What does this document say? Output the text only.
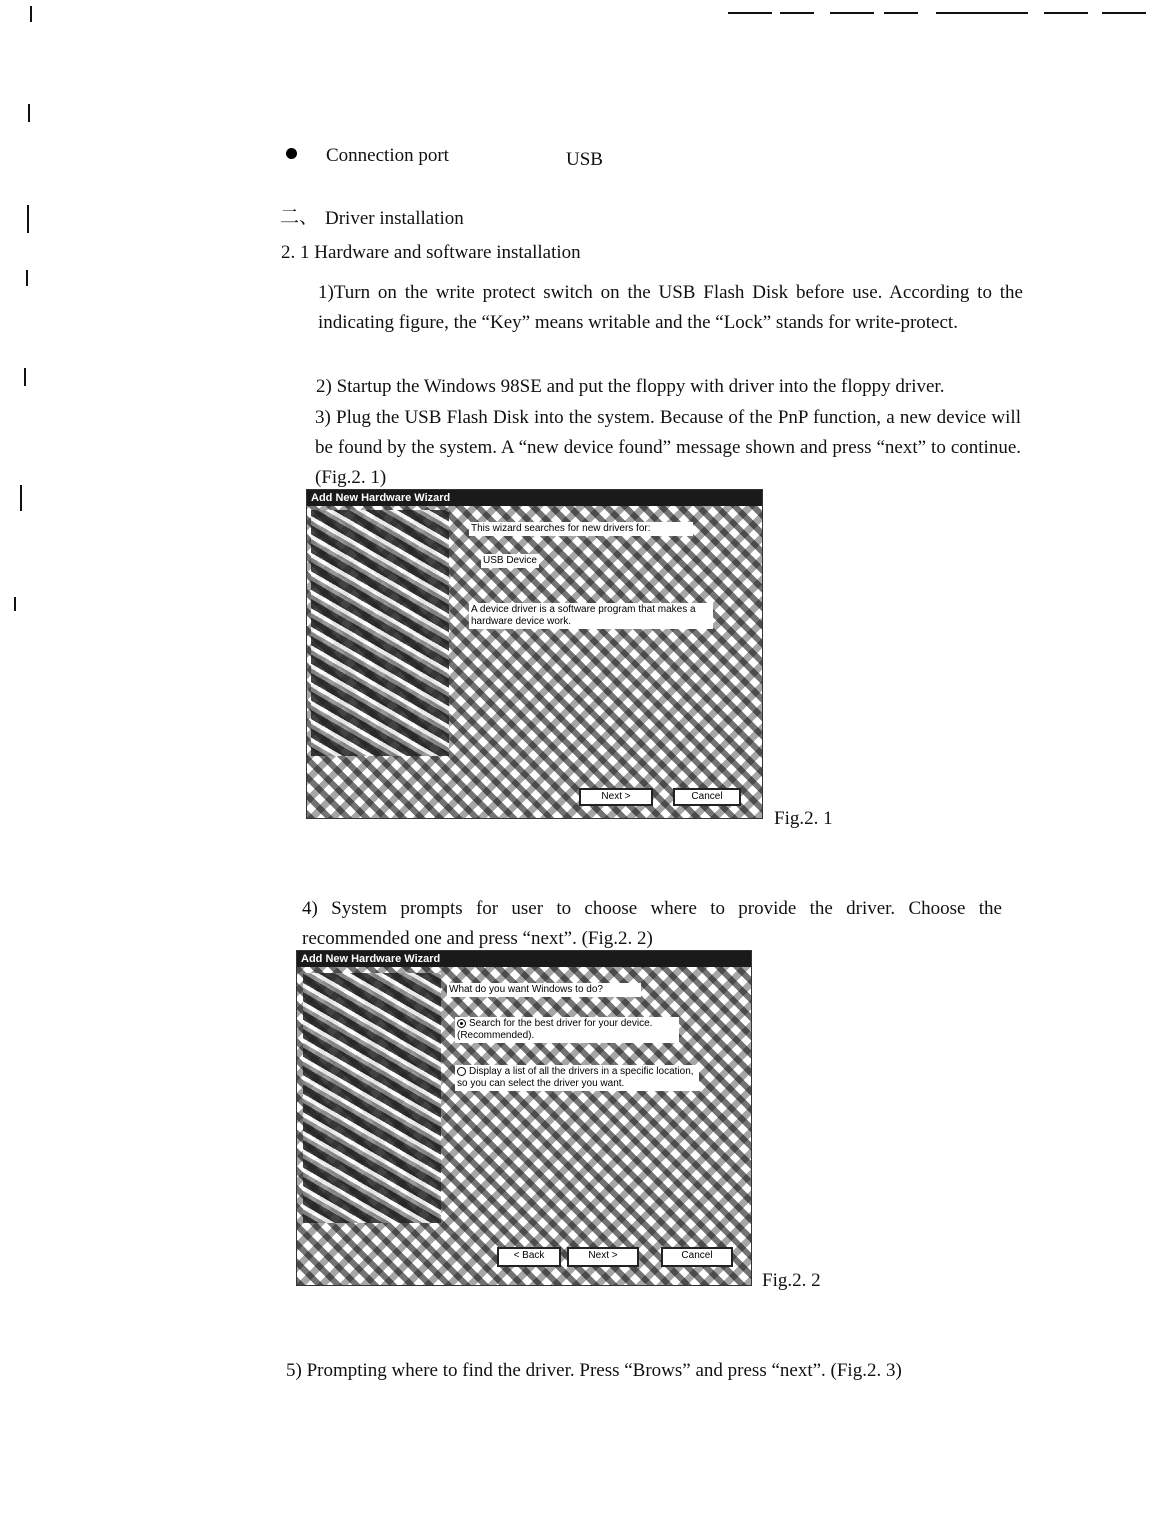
Connection port	USB
二、 Driver installation
2. 1 Hardware and software installation
1)Turn on the write protect switch on the USB Flash Disk before use. According to the indicating figure, the “Key” means writable and the “Lock” stands for write-protect.
2) Startup the Windows 98SE and put the floppy with driver into the floppy driver.
3) Plug the USB Flash Disk into the system. Because of the PnP function, a new device will be found by the system. A “new device found” message shown and press “next” to continue. (Fig.2. 1)
Add New Hardware Wizard
This wizard searches for new drivers for:
USB Device
A device driver is a software program that makes a hardware device work.
Next >	Cancel
Fig.2. 1
4) System prompts for user to choose where to provide the driver. Choose the recommended one and press “next”. (Fig.2. 2)
Add New Hardware Wizard
What do you want Windows to do?
Search for the best driver for your device. (Recommended).
Display a list of all the drivers in a specific location, so you can select the driver you want.
< Back	Next >	Cancel
Fig.2. 2
5) Prompting where to find the driver. Press “Brows” and press “next”. (Fig.2. 3)
